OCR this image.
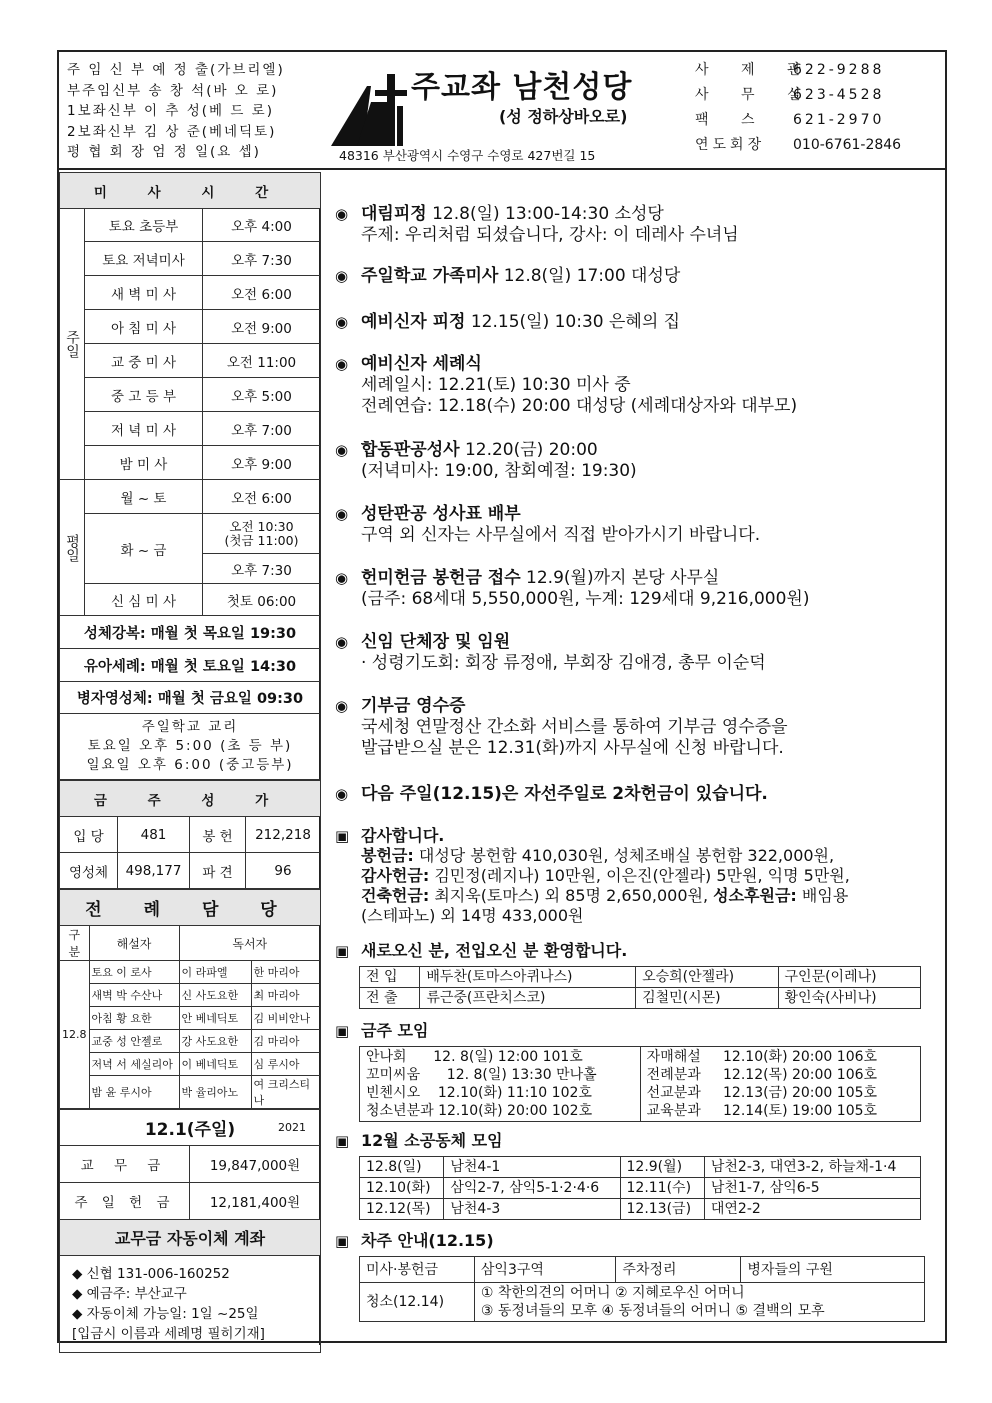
주 임 신 부 예 정 출(가브리엘)
부주임신부 송 창 석(바 오 로)
1보좌신부 이 추 성(베 드 로)
2보좌신부 김 상 준(베네딕토)
평 협 회 장 엄 정 일(요 셉)
주교좌 남천성당
(성 정하상바오로)
48316 부산광역시 수영구 수영로 427번길 15
사 제 관
622-9288
사 무 실
623-4528
팩 스	621-2970
연도회장	010-6761-2846
미 사 시 간		
주일	토요 초등부	오후 4:00
	토요 저녁미사	오후 7:30
	새 벽 미 사	오전 6:00
	아 침 미 사	오전 9:00
	교 중 미 사	오전 11:00
	중 고 등 부	오후 5:00
	저 녁 미 사	오후 7:00
	밤 미 사	오후 9:00
평일	월 ~ 토	오전 6:00
	화 ~ 금	오전 10:30
(첫금 11:00)
		오후 7:30
	신 심 미 사	첫토 06:00
성체강복: 매월 첫 목요일 19:30		
유아세례: 매월 첫 토요일 14:30		
병자영성체: 매월 첫 금요일 09:30		

주일학교 교리
토요일 오후 5:00 (초 등 부)
일요일 오후 6:00 (중고등부)		
금 주 성 가			
입 당	481	봉 헌	212,218
영성체	498,177	파 견	96
전 례 담 당			
구 분	해설자	독서자	
12.8	토요 이 로사	이 라파엘	한 마리아
	새벽 박 수산나	신 사도요한	최 마리아
	아침 황 요한	안 베네딕토	김 비비안나
	교중 성 안젤로	강 사도요한	김 마리아
	저녁 서 세실리아	이 베네딕토	심 루시아
	밤 윤 루시아	박 율리아노	여 크리스티나
12.1(주일) 2021	

교 무 금	19,847,000원
주 일 헌 금	12,181,400원
교무금 자동이체 계좌	

◆ 신협 131-006-160252
◆ 예금주: 부산교구
◆ 자동이체 가능일: 1일 ~25일
[입금시 이름과 세례명 필히기재]	
◉ 대림피정 12.8(일) 13:00-14:30 소성당
주제: 우리처럼 되셨습니다, 강사: 이 데레사 수녀님
◉ 주일학교 가족미사 12.8(일) 17:00 대성당
◉ 예비신자 피정 12.15(일) 10:30 은혜의 집
◉ 예비신자 세례식
세례일시: 12.21(토) 10:30 미사 중
전례연습: 12.18(수) 20:00 대성당 (세례대상자와 대부모)
◉ 합동판공성사 12.20(금) 20:00
(저녁미사: 19:00, 참회예절: 19:30)
◉ 성탄판공 성사표 배부
구역 외 신자는 사무실에서 직접 받아가시기 바랍니다.
◉ 헌미헌금 봉헌금 접수 12.9(월)까지 본당 사무실
(금주: 68세대 5,550,000원, 누계: 129세대 9,216,000원)
◉ 신임 단체장 및 임원
· 성령기도회: 회장 류정애, 부회장 김애경, 총무 이순덕
◉ 기부금 영수증
국세청 연말정산 간소화 서비스를 통하여 기부금 영수증을
발급받으실 분은 12.31(화)까지 사무실에 신청 바랍니다.
◉ 다음 주일(12.15)은 자선주일로 2차헌금이 있습니다.
▣ 감사합니다.
봉헌금: 대성당 봉헌함 410,030원, 성체조배실 봉헌함 322,000원,
감사헌금: 김민정(레지나) 10만원, 이은진(안젤라) 5만원, 익명 5만원,
건축헌금: 최지욱(토마스) 외 85명 2,650,000원, 성소후원금: 배임용
(스테파노) 외 14명 433,000원
▣ 새로오신 분, 전입오신 분 환영합니다.
전 입	배두찬(토마스아퀴나스)	오승희(안젤라)	구인문(이레나)
전 출	류근중(프란치스코)	김철민(시몬)	황인숙(사비나)
▣ 금주 모임
안나회      12. 8(일) 12:00 101호
꼬미씨움      12. 8(일) 13:30 만나홀
빈첸시오    12.10(화) 11:10 102호
청소년분과 12.10(화) 20:00 102호

자매해설     12.10(화) 20:00 106호
전례분과     12.12(목) 20:00 106호
선교분과     12.13(금) 20:00 105호
교육분과     12.14(토) 19:00 105호
▣ 12월 소공동체 모임
12.8(일)	남천4-1	12.9(월)	남천2-3, 대연3-2, 하늘채-1·4
12.10(화)	삼익2-7, 삼익5-1·2·4·6	12.11(수)	남천1-7, 삼익6-5
12.12(목)	남천4-3	12.13(금)	대연2-2
▣ 차주 안내(12.15)
미사·봉헌금	삼익3구역	주차정리	병자들의 구원
청소(12.14)	① 착한의견의 어머니 ② 지혜로우신 어머니
③ 동정녀들의 모후 ④ 동정녀들의 어머니 ⑤ 결백의 모후		
